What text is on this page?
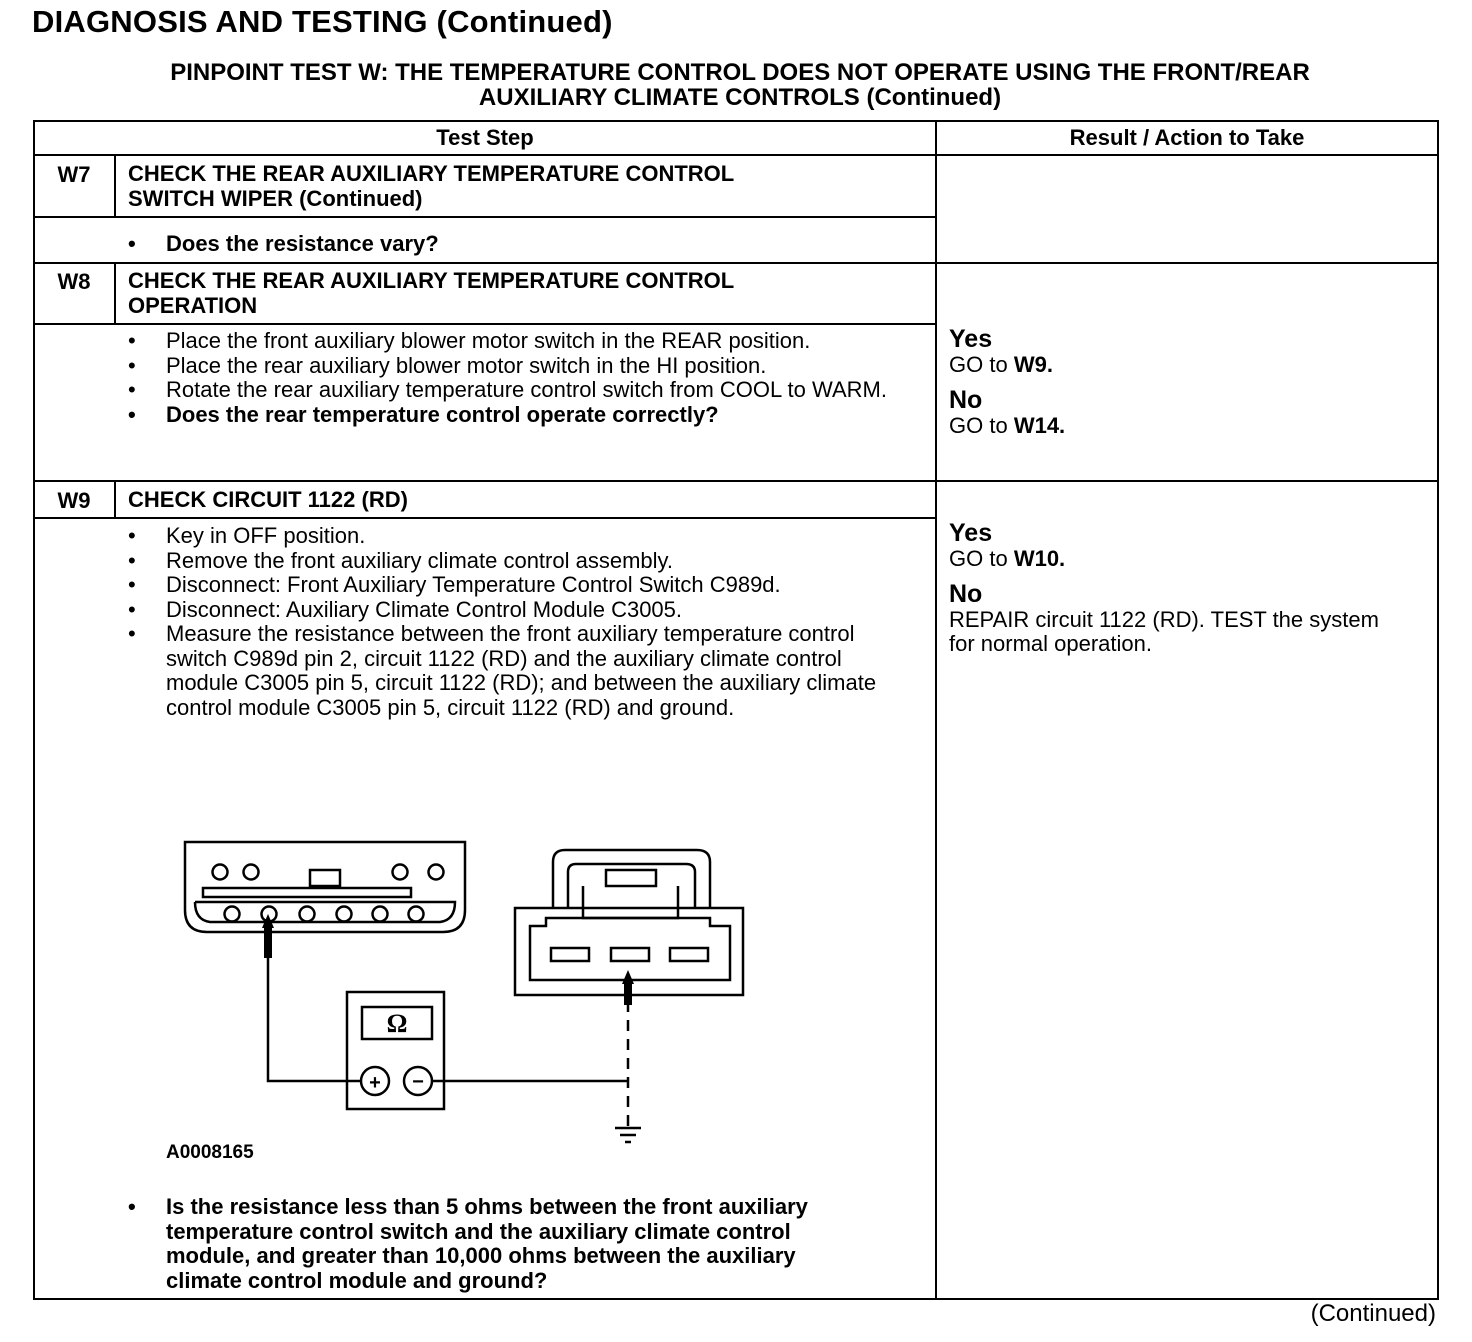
DIAGNOSIS AND TESTING (Continued)
PINPOINT TEST W: THE TEMPERATURE CONTROL DOES NOT OPERATE USING THE FRONT/REAR
AUXILIARY CLIMATE CONTROLS (Continued)
Test Step	Result / Action to Take
W7	CHECK THE REAR AUXILIARY TEMPERATURE CONTROL
SWITCH WIPER (Continued)
• Does the resistance vary?
W8	CHECK THE REAR AUXILIARY TEMPERATURE CONTROL
OPERATION
• Place the front auxiliary blower motor switch in the REAR position.
• Place the rear auxiliary blower motor switch in the HI position.
• Rotate the rear auxiliary temperature control switch from COOL to WARM.
• Does the rear temperature control operate correctly?
Yes
GO to W9.
No
GO to W14.
W9	CHECK CIRCUIT 1122 (RD)
• Key in OFF position.
• Remove the front auxiliary climate control assembly.
• Disconnect: Front Auxiliary Temperature Control Switch C989d.
• Disconnect: Auxiliary Climate Control Module C3005.
• Measure the resistance between the front auxiliary temperature control switch C989d pin 2, circuit 1122 (RD) and the auxiliary climate control module C3005 pin 5, circuit 1122 (RD); and between the auxiliary climate control module C3005 pin 5, circuit 1122 (RD) and ground.
Ω
+ −
A0008165
• Is the resistance less than 5 ohms between the front auxiliary temperature control switch and the auxiliary climate control module, and greater than 10,000 ohms between the auxiliary climate control module and ground?
Yes
GO to W10.
No
REPAIR circuit 1122 (RD). TEST the system for normal operation.
(Continued)
